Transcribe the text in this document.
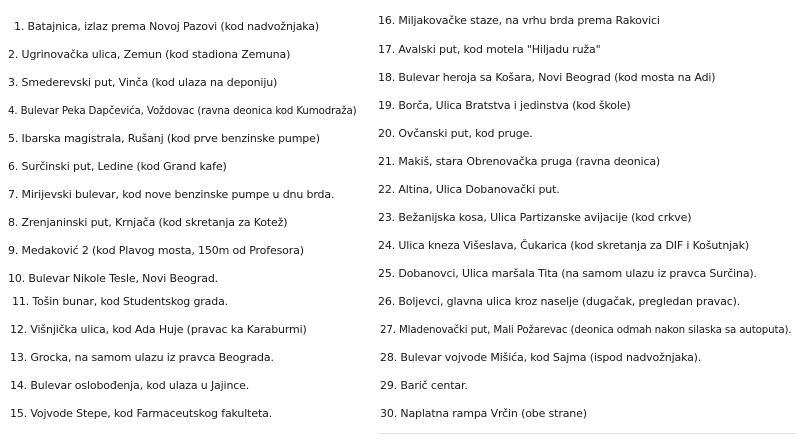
1. Batajnica, izlaz prema Novoj Pazovi (kod nadvožnjaka)
2. Ugrinovačka ulica, Zemun (kod stadiona Zemuna)
3. Smederevski put, Vinča (kod ulaza na deponiju)
4. Bulevar Peka Dapčevića, Voždovac (ravna deonica kod Kumodraža)
5. Ibarska magistrala, Rušanj (kod prve benzinske pumpe)
6. Surčinski put, Ledine (kod Grand kafe)
7. Mirijevski bulevar, kod nove benzinske pumpe u dnu brda.
8. Zrenjaninski put, Krnjača (kod skretanja za Kotež)
9. Medaković 2 (kod Plavog mosta, 150m od Profesora)
10. Bulevar Nikole Tesle, Novi Beograd.
11. Tošin bunar, kod Studentskog grada.
12. Višnjička ulica, kod Ada Huje (pravac ka Karaburmi)
13. Grocka, na samom ulazu iz pravca Beograda.
14. Bulevar oslobođenja, kod ulaza u Jajince.
15. Vojvode Stepe, kod Farmaceutskog fakulteta.
16. Miljakovačke staze, na vrhu brda prema Rakovici
17. Avalski put, kod motela "Hiljadu ruža"
18. Bulevar heroja sa Košara, Novi Beograd (kod mosta na Adi)
19. Borča, Ulica Bratstva i jedinstva (kod škole)
20. Ovčanski put, kod pruge.
21. Makiš, stara Obrenovačka pruga (ravna deonica)
22. Altina, Ulica Dobanovački put.
23. Bežanijska kosa, Ulica Partizanske avijacije (kod crkve)
24. Ulica kneza Višeslava, Čukarica (kod skretanja za DIF i Košutnjak)
25. Dobanovci, Ulica maršala Tita (na samom ulazu iz pravca Surčina).
26. Boljevci, glavna ulica kroz naselje (dugačak, pregledan pravac).
27. Mladenovački put, Mali Požarevac (deonica odmah nakon silaska sa autoputa).
28. Bulevar vojvode Mišića, kod Sajma (ispod nadvožnjaka).
29. Barič centar.
30. Naplatna rampa Vrčin (obe strane)
